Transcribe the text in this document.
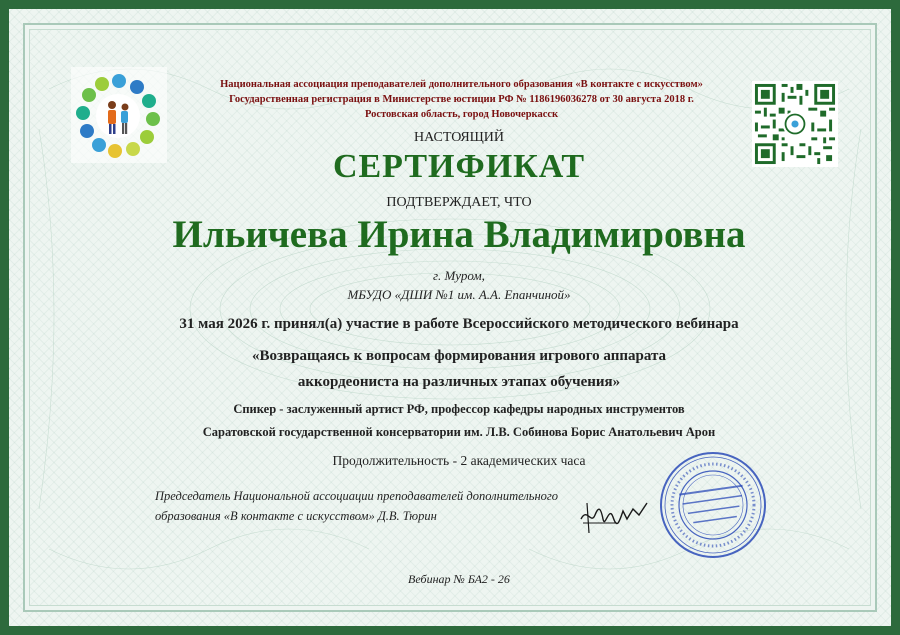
Национальная ассоциация преподавателей дополнительного образования «В контакте с искусством»
Государственная регистрация в Министерстве юстиции РФ № 1186196036278 от 30 августа 2018 г.
Ростовская область, город Новочеркасск
НАСТОЯЩИЙ
СЕРТИФИКАТ
ПОДТВЕРЖДАЕТ, ЧТО
Ильичева Ирина Владимировна
г. Муром,
МБУДО «ДШИ №1 им. А.А. Епанчиной»
31 мая 2026 г. принял(а) участие в работе Всероссийского методического вебинара
«Возвращаясь к вопросам формирования игрового аппарата
аккордеониста на различных этапах обучения»
Спикер - заслуженный артист РФ, профессор кафедры народных инструментов
Саратовской государственной консерватории им. Л.В. Собинова Борис Анатольевич Арон
Продолжительность - 2 академических часа
Председатель Национальной ассоциации преподавателей дополнительного
образования «В контакте с искусством» Д.В. Тюрин
Вебинар № БА2 - 26
